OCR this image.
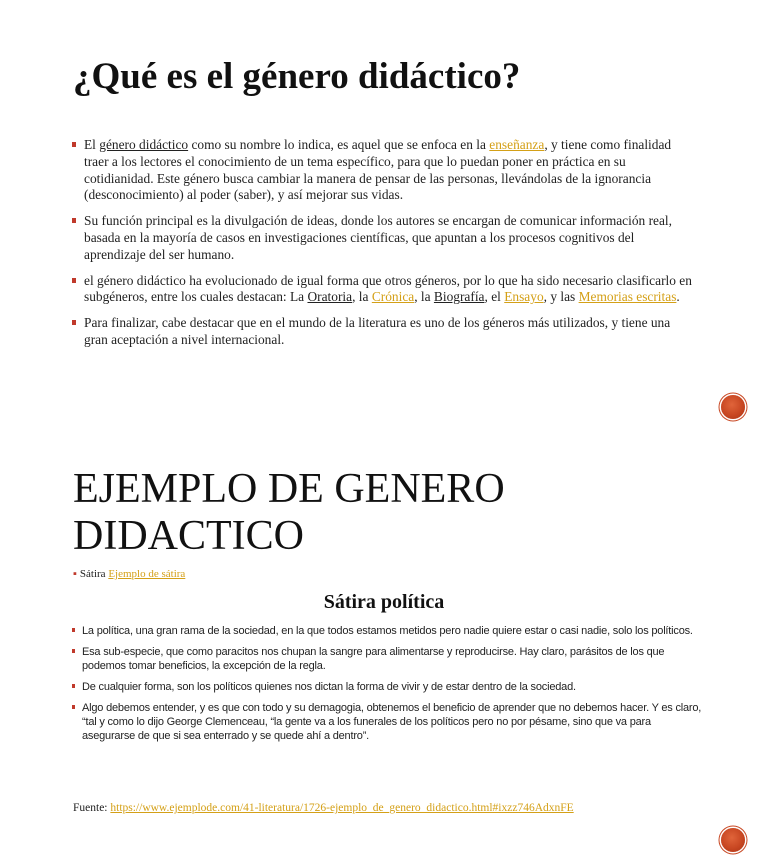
¿Qué es el género didáctico?
El género didáctico como su nombre lo indica, es aquel que se enfoca en la enseñanza, y tiene como finalidad traer a los lectores el conocimiento de un tema específico, para que lo puedan poner en práctica en su cotidianidad. Este género busca cambiar la manera de pensar de las personas, llevándolas de la ignorancia (desconocimiento) al poder (saber), y así mejorar sus vidas.
Su función principal es la divulgación de ideas, donde los autores se encargan de comunicar información real, basada en la mayoría de casos en investigaciones científicas, que apuntan a los procesos cognitivos del aprendizaje del ser humano.
el género didáctico ha evolucionado de igual forma que otros géneros, por lo que ha sido necesario clasificarlo en subgéneros, entre los cuales destacan: La Oratoria, la Crónica, la Biografía, el Ensayo, y las Memorias escritas.
Para finalizar, cabe destacar que en el mundo de la literatura es uno de los géneros más utilizados, y tiene una gran aceptación a nivel internacional.
EJEMPLO DE GENERO
DIDACTICO
▪ Sátira Ejemplo de sátira
Sátira política
La política, una gran rama de la sociedad, en la que todos estamos metidos pero nadie quiere estar o casi nadie, solo los políticos.
Esa sub-especie, que como paracitos nos chupan la sangre para alimentarse y reproducirse. Hay claro, parásitos de los que podemos tomar beneficios, la excepción de la regla.
De cualquier forma, son los políticos quienes nos dictan la forma de vivir y de estar dentro de la sociedad.
Algo debemos entender, y es que con todo y su demagogia, obtenemos el beneficio de aprender que no debemos hacer. Y es claro, “tal y como lo dijo George Clemenceau, “la gente va a los funerales de los políticos pero no por pésame, sino que va para asegurarse de que si sea enterrado y se quede ahí a dentro”.
Fuente: https://www.ejemplode.com/41-literatura/1726-ejemplo_de_genero_didactico.html#ixzz746AdxnFE
